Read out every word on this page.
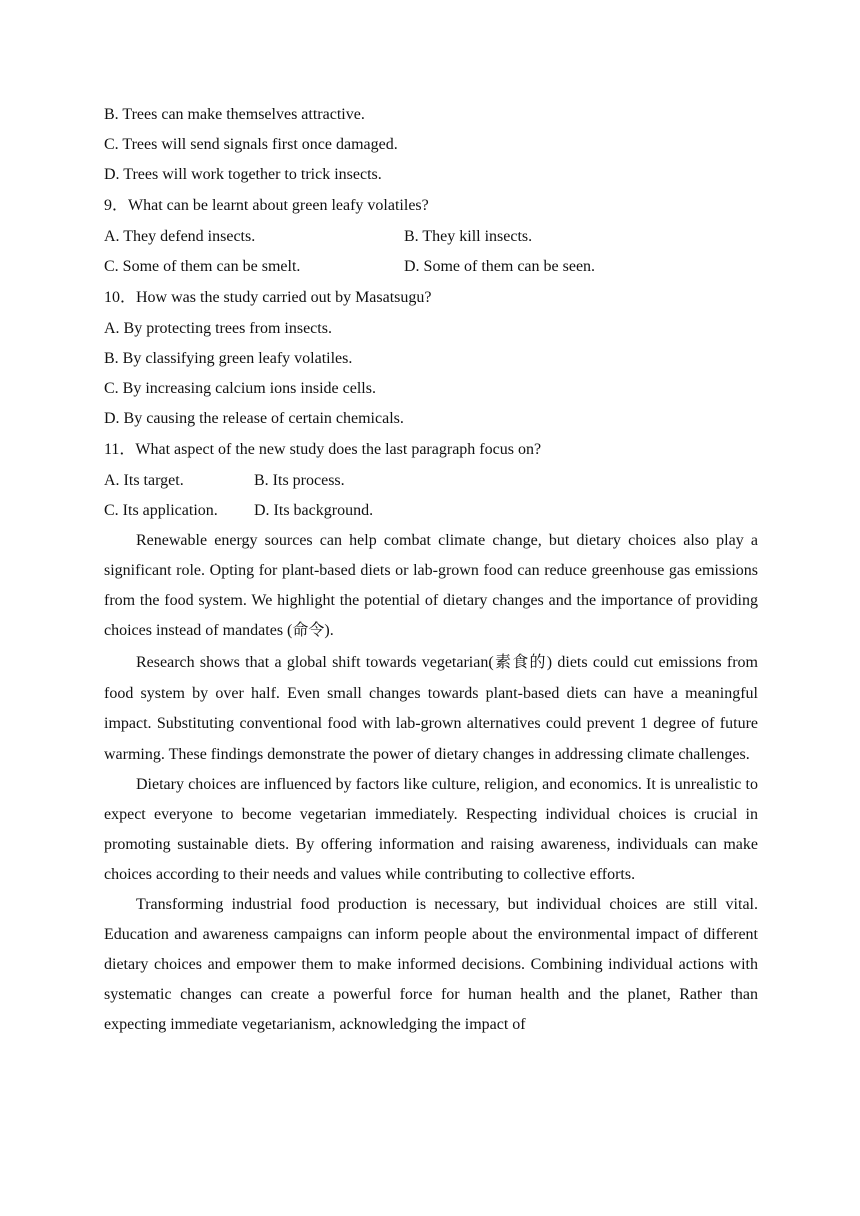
B. Trees can make themselves attractive.
C. Trees will send signals first once damaged.
D. Trees will work together to trick insects.
9．What can be learnt about green leafy volatiles?
A. They defend insects.	B. They kill insects.
C. Some of them can be smelt.	D. Some of them can be seen.
10．How was the study carried out by Masatsugu?
A. By protecting trees from insects.
B. By classifying green leafy volatiles.
C. By increasing calcium ions inside cells.
D. By causing the release of certain chemicals.
11．What aspect of the new study does the last paragraph focus on?
A. Its target.	B. Its process.
C. Its application.	D. Its background.

Renewable energy sources can help combat climate change, but dietary choices also play a significant role. Opting for plant-based diets or lab-grown food can reduce greenhouse gas emissions from the food system. We highlight the potential of dietary changes and the importance of providing choices instead of mandates (命令).

Research shows that a global shift towards vegetarian(素食的) diets could cut emissions from food system by over half. Even small changes towards plant-based diets can have a meaningful impact. Substituting conventional food with lab-grown alternatives could prevent 1 degree of future warming. These findings demonstrate the power of dietary changes in addressing climate challenges.

Dietary choices are influenced by factors like culture, religion, and economics. It is unrealistic to expect everyone to become vegetarian immediately. Respecting individual choices is crucial in promoting sustainable diets. By offering information and raising awareness, individuals can make choices according to their needs and values while contributing to collective efforts.

Transforming industrial food production is necessary, but individual choices are still vital. Education and awareness campaigns can inform people about the environmental impact of different dietary choices and empower them to make informed decisions. Combining individual actions with systematic changes can create a powerful force for human health and the planet, Rather than expecting immediate vegetarianism, acknowledging the impact of
